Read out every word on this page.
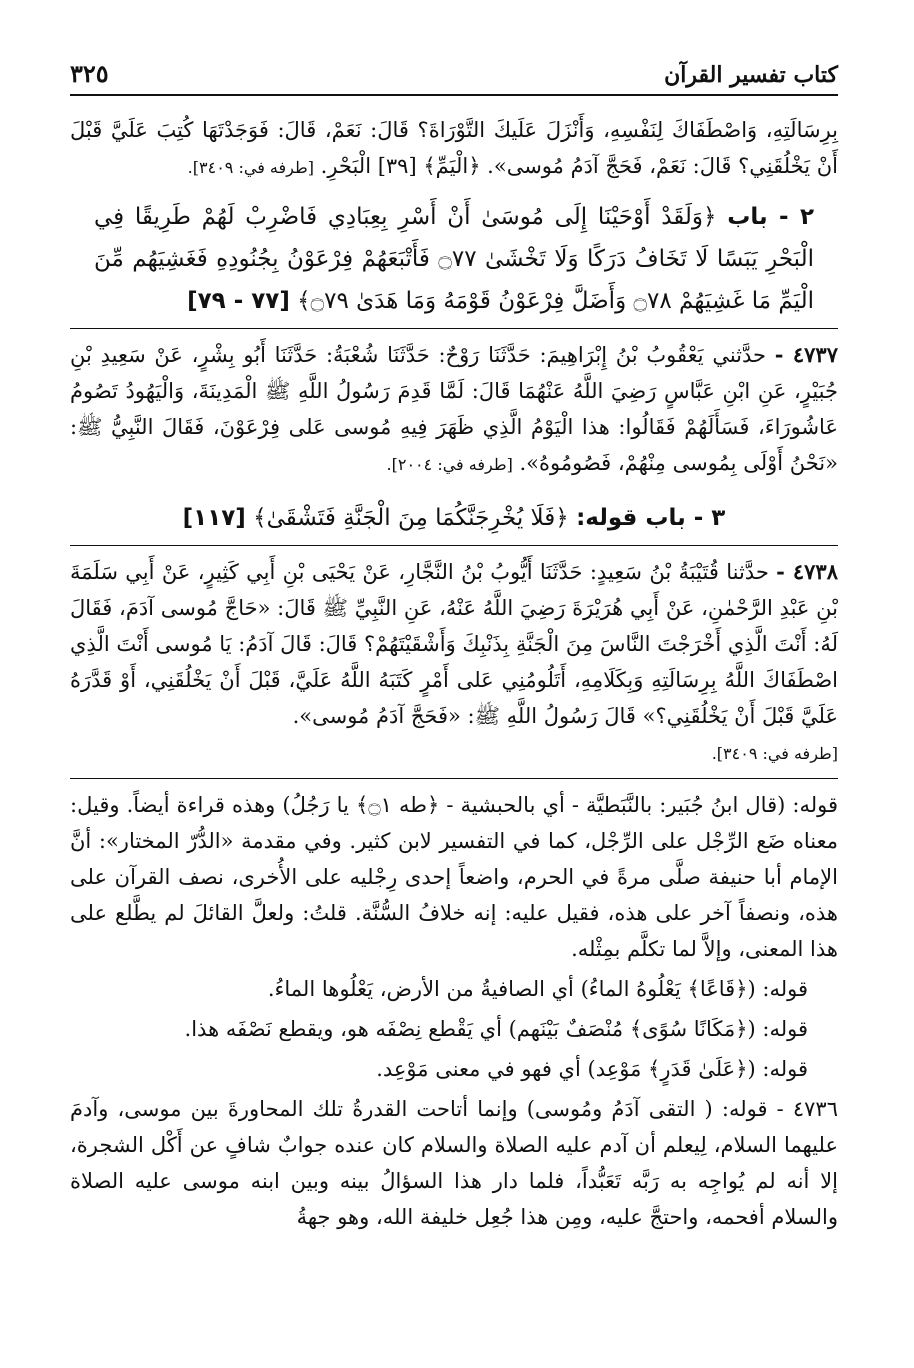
كتاب تفسير القرآن
٣٢٥

بِرِسَالَتِهِ، وَاصْطَفَاكَ لِنَفْسِهِ، وَأَنْزَلَ عَلَيكَ التَّوْرَاةَ؟ قَالَ: نَعَمْ، قَالَ: فَوَجَدْتَهَا كُتِبَ عَلَيَّ قَبْلَ أَنْ يَخْلُقَنِي؟ قَالَ: نَعَمْ، فَحَجَّ آدَمُ مُوسى». ﴿الْيَمِّ﴾ [٣٩] الْبَحْرِ. [طرفه في: ٣٤٠٩].

٢ - باب ﴿وَلَقَدْ أَوْحَيْنَا إِلَى مُوسَىٰ أَنْ أَسْرِ بِعِبَادِي فَاضْرِبْ لَهُمْ طَرِيقًا فِي الْبَحْرِ يَبَسًا لَا تَخَافُ دَرَكًا وَلَا تَخْشَىٰ ۝٧٧ فَأَتْبَعَهُمْ فِرْعَوْنُ بِجُنُودِهِ فَغَشِيَهُم مِّنَ الْيَمِّ مَا غَشِيَهُمْ ۝٧٨ وَأَضَلَّ فِرْعَوْنُ قَوْمَهُ وَمَا هَدَىٰ ۝٧٩﴾ [٧٧ - ٧٩]

٤٧٣٧ - حدَّثني يَعْقُوبُ بْنُ إِبْرَاهِيمَ: حَدَّثَنَا رَوْحٌ: حَدَّثَنَا شُعْبَةُ: حَدَّثَنَا أَبُو بِشْرٍ، عَنْ سَعِيدِ بْنِ جُبَيْرٍ، عَنِ ابْنِ عَبَّاسٍ رَضِيَ اللَّهُ عَنْهُمَا قَالَ: لَمَّا قَدِمَ رَسُولُ اللَّهِ ﷺ الْمَدِينَةَ، وَالْيَهُودُ تَصُومُ عَاشُورَاءَ، فَسَأَلَهُمْ فَقَالُوا: هذا الْيَوْمُ الَّذِي ظَهَرَ فِيهِ مُوسى عَلى فِرْعَوْنَ، فَقَالَ النَّبِيُّ ﷺ: «نَحْنُ أَوْلَى بِمُوسى مِنْهُمْ، فَصُومُوهُ». [طرفه في: ٢٠٠٤].

٣ - باب قوله: ﴿فَلَا يُخْرِجَنَّكُمَا مِنَ الْجَنَّةِ فَتَشْقَىٰ﴾ [١١٧]

٤٧٣٨ - حدَّثنا قُتَيْبَةُ بْنُ سَعِيدٍ: حَدَّثَنَا أَيُّوبُ بْنُ النَّجَّارِ، عَنْ يَحْيَى بْنِ أَبِي كَثِيرٍ، عَنْ أَبِي سَلَمَةَ بْنِ عَبْدِ الرَّحْمٰنِ، عَنْ أَبِي هُرَيْرَةَ رَضِيَ اللَّهُ عَنْهُ، عَنِ النَّبِيِّ ﷺ قَالَ: «حَاجَّ مُوسى آدَمَ، فَقَالَ لَهُ: أَنْتَ الَّذِي أَخْرَجْتَ النَّاسَ مِنَ الْجَنَّةِ بِذَنْبِكَ وَأَشْقَيْتَهُمْ؟ قَالَ: قَالَ آدَمُ: يَا مُوسى أَنْتَ الَّذِي اصْطَفَاكَ اللَّهُ بِرِسَالَتِهِ وَبِكَلَامِهِ، أَتَلُومُنِي عَلى أَمْرٍ كَتَبَهُ اللَّهُ عَلَيَّ، قَبْلَ أَنْ يَخْلُقَنِي، أَوْ قَدَّرَهُ عَلَيَّ قَبْلَ أَنْ يَخْلُقَنِي؟» قَالَ رَسُولُ اللَّهِ ﷺ: «فَحَجَّ آدَمُ مُوسى».
[طرفه في: ٣٤٠٩].

قوله: (قال ابنُ جُبَير: بالنَّبَطيَّة - أي بالحبشية - ﴿طه ۝١﴾ يا رَجُلُ) وهذه قراءة أيضاً. وقيل: معناه ضَع الرِّجْل على الرِّجْل، كما في التفسير لابن كثير. وفي مقدمة «الدُّرّ المختار»: أنَّ الإمام أبا حنيفة صلَّى مرةً في الحرم، واضعاً إحدى رِجْليه على الأُخرى، نصف القرآن على هذه، ونصفاً آخر على هذه، فقيل عليه: إنه خلافُ السُّنَّة. قلتُ: ولعلَّ القائلَ لم يطَّلع على هذا المعنى، وإلاَّ لما تكلَّم بمِثْله.

قوله: (﴿قَاعًا﴾ يَعْلُوهُ الماءُ) أي الصافيةُ من الأرض، يَعْلُوها الماءُ.

قوله: (﴿مَكَانًا سُوًى﴾ مُنْصَفٌ بَيْنَهم) أي يَقْطع نِصْفَه هو، ويقطع نَصْفَه هذا.

قوله: (﴿عَلَىٰ قَدَرٍ﴾ مَوْعِد) أي فهو في معنى مَوْعِد.

٤٧٣٦ - قوله: ( التقى آدَمُ ومُوسى) وإنما أتاحت القدرةُ تلك المحاورةَ بين موسى، وآدمَ عليهما السلام، لِيعلم أن آدم عليه الصلاة والسلام كان عنده جوابٌ شافٍ عن أَكْل الشجرة، إلا أنه لم يُواجِه به رَبَّه تَعَبُّداً، فلما دار هذا السؤالُ بينه وبين ابنه موسى عليه الصلاة والسلام أفحمه، واحتجَّ عليه، ومِن هذا جُعِل خليفة الله، وهو جهةُ
